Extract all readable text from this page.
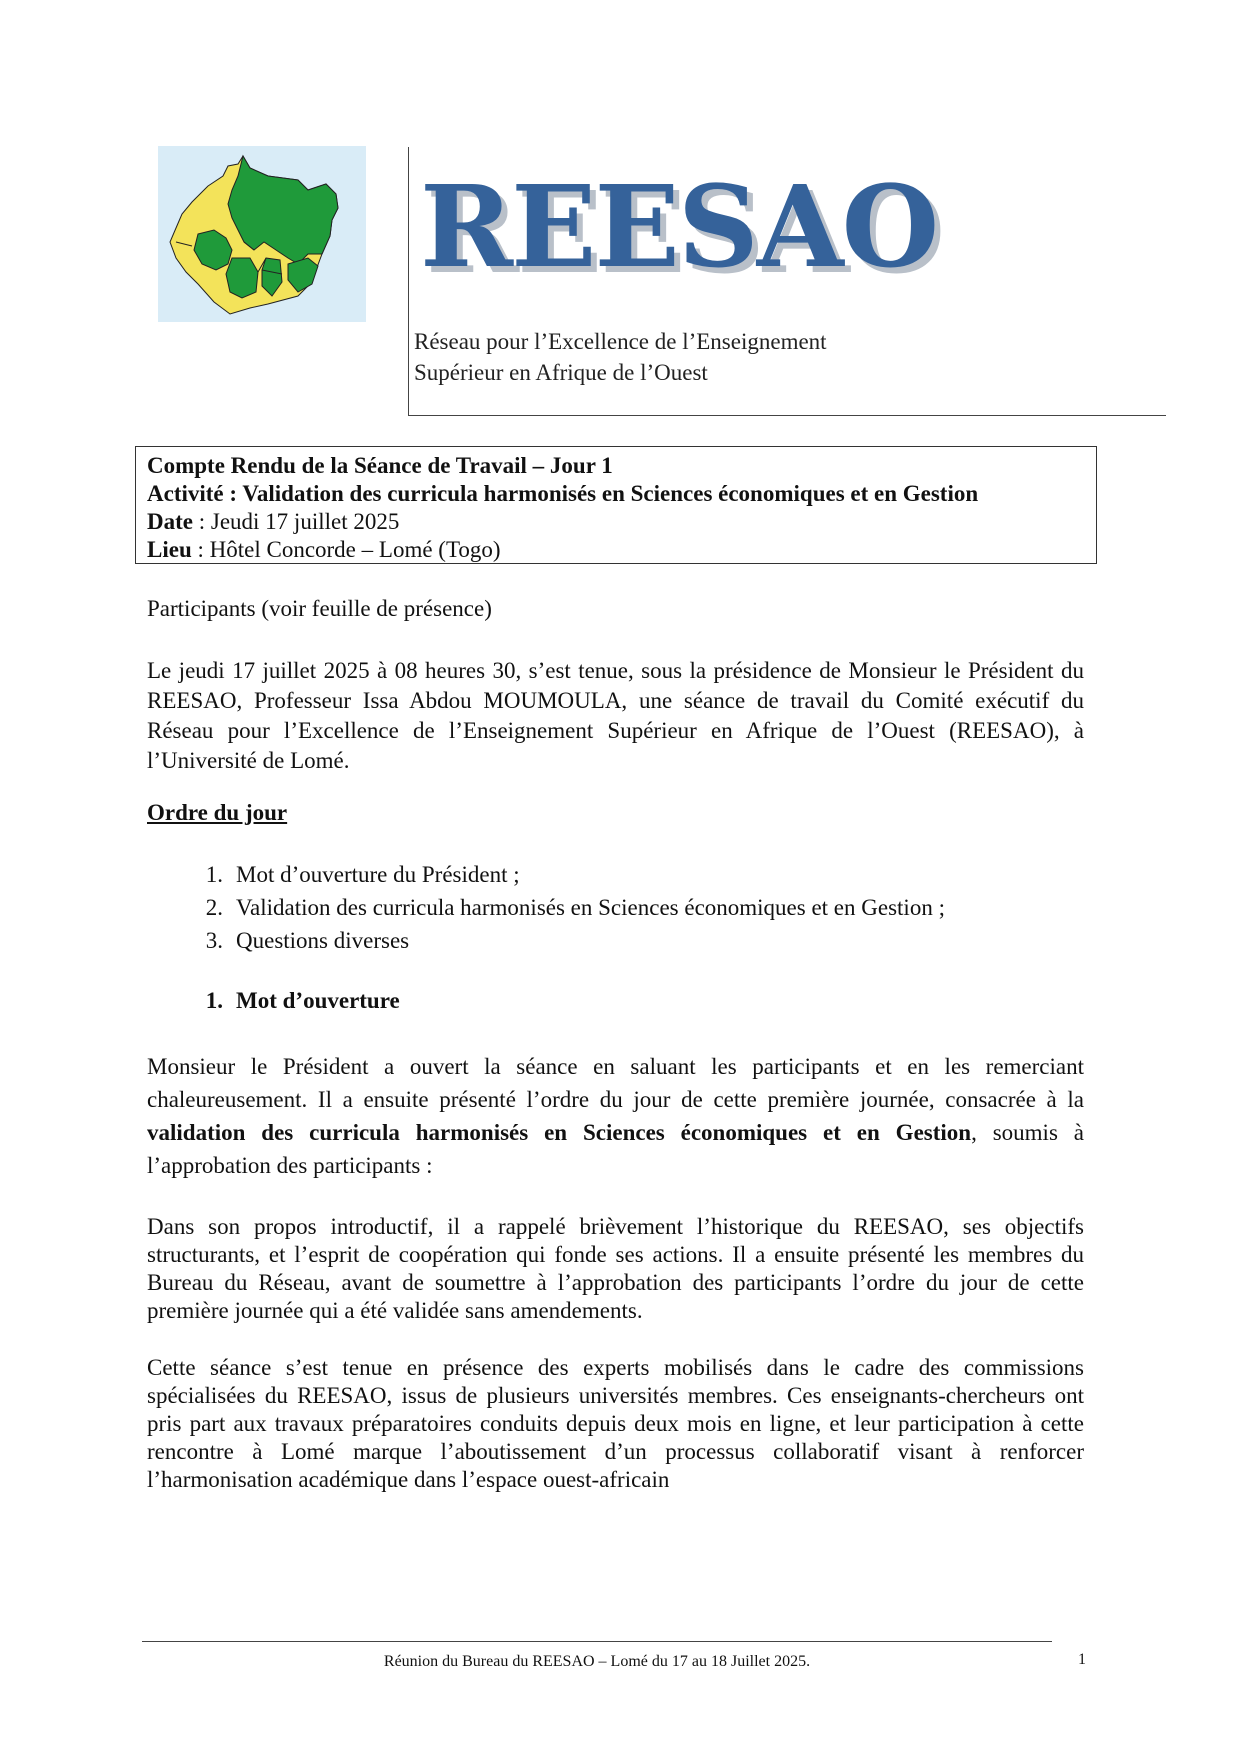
REESAO
Réseau pour l’Excellence de l’Enseignement
Supérieur en Afrique de l’Ouest
Compte Rendu de la Séance de Travail – Jour 1
Activité : Validation des curricula harmonisés en Sciences économiques et en Gestion
Date : Jeudi 17 juillet 2025
Lieu : Hôtel Concorde – Lomé (Togo)
Participants (voir feuille de présence)
Le jeudi 17 juillet 2025 à 08 heures 30, s’est tenue, sous la présidence de Monsieur le Président du REESAO, Professeur Issa Abdou MOUMOULA, une séance de travail du Comité exécutif du Réseau pour l’Excellence de l’Enseignement Supérieur en Afrique de l’Ouest (REESAO), à l’Université de Lomé.
Ordre du jour
1. Mot d’ouverture du Président ;
2. Validation des curricula harmonisés en Sciences économiques et en Gestion ;
3. Questions diverses
1. Mot d’ouverture
Monsieur le Président a ouvert la séance en saluant les participants et en les remerciant chaleureusement. Il a ensuite présenté l’ordre du jour de cette première journée, consacrée à la validation des curricula harmonisés en Sciences économiques et en Gestion, soumis à l’approbation des participants :
Dans son propos introductif, il a rappelé brièvement l’historique du REESAO, ses objectifs structurants, et l’esprit de coopération qui fonde ses actions. Il a ensuite présenté les membres du Bureau du Réseau, avant de soumettre à l’approbation des participants l’ordre du jour de cette première journée qui a été validée sans amendements.
Cette séance s’est tenue en présence des experts mobilisés dans le cadre des commissions spécialisées du REESAO, issus de plusieurs universités membres. Ces enseignants-chercheurs ont pris part aux travaux préparatoires conduits depuis deux mois en ligne, et leur participation à cette rencontre à Lomé marque l’aboutissement d’un processus collaboratif visant à renforcer l’harmonisation académique dans l’espace ouest-africain
Réunion du Bureau du REESAO – Lomé du 17 au 18 Juillet 2025.	1
